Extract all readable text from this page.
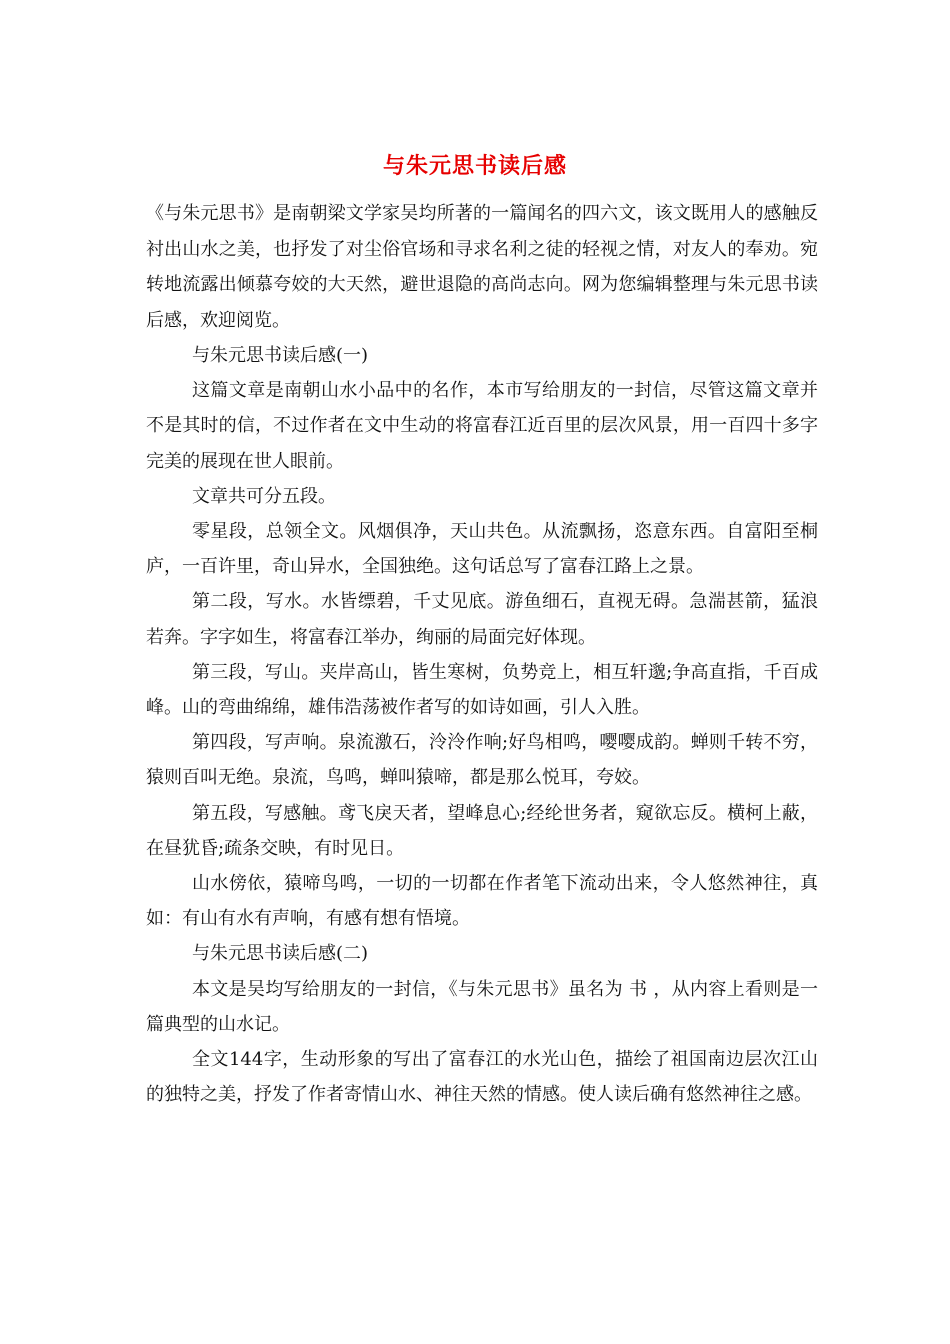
与朱元思书读后感

《与朱元思书》是南朝梁文学家吴均所著的一篇闻名的四六文，该文既用人的感触反衬出山水之美，也抒发了对尘俗官场和寻求名利之徒的轻视之情，对友人的奉劝。宛转地流露出倾慕夸姣的大天然，避世退隐的高尚志向。网为您编辑整理与朱元思书读后感，欢迎阅览。

与朱元思书读后感(一)

这篇文章是南朝山水小品中的名作，本市写给朋友的一封信，尽管这篇文章并不是其时的信，不过作者在文中生动的将富春江近百里的层次风景，用一百四十多字完美的展现在世人眼前。

文章共可分五段。

零星段，总领全文。风烟俱净，天山共色。从流飘扬，恣意东西。自富阳至桐庐，一百许里，奇山异水，全国独绝。这句话总写了富春江路上之景。

第二段，写水。水皆缥碧，千丈见底。游鱼细石，直视无碍。急湍甚箭，猛浪若奔。字字如生，将富春江举办，绚丽的局面完好体现。

第三段，写山。夹岸高山，皆生寒树，负势竞上，相互轩邈;争高直指，千百成峰。山的弯曲绵绵，雄伟浩荡被作者写的如诗如画，引人入胜。

第四段，写声响。泉流激石，泠泠作响;好鸟相鸣，嘤嘤成韵。蝉则千转不穷，猿则百叫无绝。泉流，鸟鸣，蝉叫猿啼，都是那么悦耳，夸姣。

第五段，写感触。鸢飞戾天者，望峰息心;经纶世务者，窥欲忘反。横柯上蔽，在昼犹昏;疏条交映，有时见日。

山水傍依，猿啼鸟鸣，一切的一切都在作者笔下流动出来，令人悠然神往，真如：有山有水有声响，有感有想有悟境。

与朱元思书读后感(二)

本文是吴均写给朋友的一封信，《与朱元思书》虽名为 书 ，从内容上看则是一篇典型的山水记。

全文144字，生动形象的写出了富春江的水光山色，描绘了祖国南边层次江山的独特之美，抒发了作者寄情山水、神往天然的情感。使人读后确有悠然神往之感。
